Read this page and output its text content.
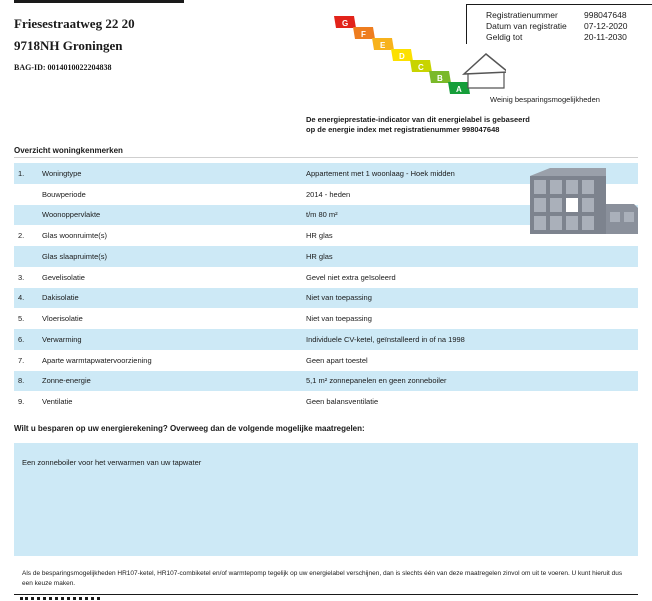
Friesestraatweg 22 20
9718NH Groningen
BAG-ID: 0014010022204838
G
F
E
D
C
B
A
Registratienummer	998047648
Datum van registratie	07-12-2020
Geldig tot	20-11-2030
Weinig besparingsmogelijkheden
De energieprestatie-indicator van dit energielabel is gebaseerd
op de energie index met registratienummer 998047648
Overzicht woningkenmerken
1. Woningtype	Appartement met 1 woonlaag - Hoek midden
Bouwperiode	2014 - heden
Woonoppervlakte	t/m 80 m²
2. Glas woonruimte(s)	HR glas
Glas slaapruimte(s)	HR glas
3. Gevelisolatie	Gevel niet extra geïsoleerd
4. Dakisolatie	Niet van toepassing
5. Vloerisolatie	Niet van toepassing
6. Verwarming	Individuele CV-ketel, geïnstalleerd in of na 1998
7. Aparte warmtapwatervoorziening	Geen apart toestel
8. Zonne-energie	5,1 m² zonnepanelen en geen zonneboiler
9. Ventilatie	Geen balansventilatie
Wilt u besparen op uw energierekening? Overweeg dan de volgende mogelijke maatregelen:
Een zonneboiler voor het verwarmen van uw tapwater
Als de besparingsmogelijkheden HR107-ketel, HR107-combiketel en/of warmtepomp tegelijk op uw energielabel verschijnen, dan is slechts één van deze maatregelen zinvol om uit te voeren. U kunt hieruit dus een keuze maken.
